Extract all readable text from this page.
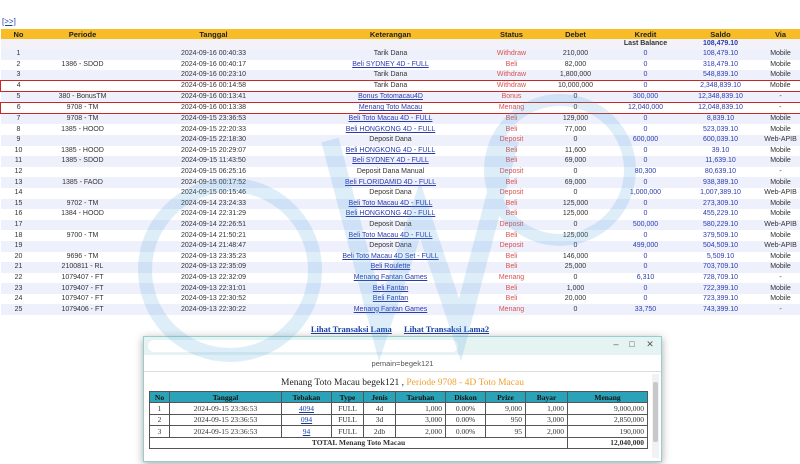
[>>]
No	Periode	Tanggal	Keterangan	Status	Debet	Kredit	Saldo	Via
						Last Balance	108,479.10	
1		2024-09-16 00:40:33	Tarik Dana	Withdraw	210,000	0	108,479.10	Mobile
2	1386 - SDOD	2024-09-16 00:40:17	Beli SYDNEY 4D - FULL	Beli	82,000	0	318,479.10	Mobile
3		2024-09-16 00:23:10	Tarik Dana	Withdraw	1,800,000	0	548,839.10	Mobile
4		2024-09-16 00:14:58	Tarik Dana	Withdraw	10,000,000	0	2,348,839.10	Mobile
5	380 - BonusTM	2024-09-16 00:13:41	Bonus Totomacau4D	Bonus	0	300,000	12,348,839.10	-
6	9708 - TM	2024-09-16 00:13:38	Menang Toto Macau	Menang	0	12,040,000	12,048,839.10	-
7	9708 - TM	2024-09-15 23:36:53	Beli Toto Macau 4D - FULL	Beli	129,000	0	8,839.10	Mobile
8	1385 - HOOD	2024-09-15 22:20:33	Beli HONGKONG 4D - FULL	Beli	77,000	0	523,039.10	Mobile
9		2024-09-15 22:18:30	Deposit Dana	Deposit	0	600,000	600,039.10	Web-APIB
10	1385 - HOOD	2024-09-15 20:29:07	Beli HONGKONG 4D - FULL	Beli	11,600	0	39.10	Mobile
11	1385 - SDOD	2024-09-15 11:43:50	Beli SYDNEY 4D - FULL	Beli	69,000	0	11,639.10	Mobile
12		2024-09-15 06:25:16	Deposit Dana Manual	Deposit	0	80,300	80,639.10	-
13	1385 - FAOD	2024-09-15 00:17:52	Beli FLORIDAMID 4D - FULL	Beli	69,000	0	938,389.10	Mobile
14		2024-09-15 00:15:46	Deposit Dana	Deposit	0	1,000,000	1,007,389.10	Web-APIB
15	9702 - TM	2024-09-14 23:24:33	Beli Toto Macau 4D - FULL	Beli	125,000	0	273,309.10	Mobile
16	1384 - HOOD	2024-09-14 22:31:29	Beli HONGKONG 4D - FULL	Beli	125,000	0	455,229.10	Mobile
17		2024-09-14 22:26:51	Deposit Dana	Deposit	0	500,000	580,229.10	Web-APIB
18	9700 - TM	2024-09-14 21:50:21	Beli Toto Macau 4D - FULL	Beli	125,000	0	379,509.10	Mobile
19		2024-09-14 21:48:47	Deposit Dana	Deposit	0	499,000	504,509.10	Web-APIB
20	9696 - TM	2024-09-13 23:35:23	Beli Toto Macau 4D Set - FULL	Beli	146,000	0	5,509.10	Mobile
21	2100811 - RL	2024-09-13 22:35:09	Beli Roulette	Beli	25,000	0	703,709.10	Mobile
22	1079407 - FT	2024-09-13 22:32:09	Menang Fantan Games	Menang	0	6,310	728,709.10	-
23	1079407 - FT	2024-09-13 22:31:01	Beli Fantan	Beli	1,000	0	722,399.10	Mobile
24	1079407 - FT	2024-09-13 22:30:52	Beli Fantan	Beli	20,000	0	723,399.10	Mobile
25	1079406 - FT	2024-09-13 22:30:22	Menang Fantan Games	Menang	0	33,750	743,399.10	-
Lihat Transaksi Lama Lihat Transaksi Lama2
–	□	✕
pemain=begek121
Menang Toto Macau begek121 , Periode 9708 - 4D Toto Macau
No	Tanggal	Tebakan	Type	Jenis	Taruhan	Diskon	Prize	Bayar	Menang
1	2024-09-15 23:36:53	4094	FULL	4d	1,000	0.00%	9,000	1,000	9,000,000
2	2024-09-15 23:36:53	094	FULL	3d	3,000	0.00%	950	3,000	2,850,000
3	2024-09-15 23:36:53	94	FULL	2db	2,000	0.00%	95	2,000	190,000
TOTAL Menang Toto Macau									12,040,000
